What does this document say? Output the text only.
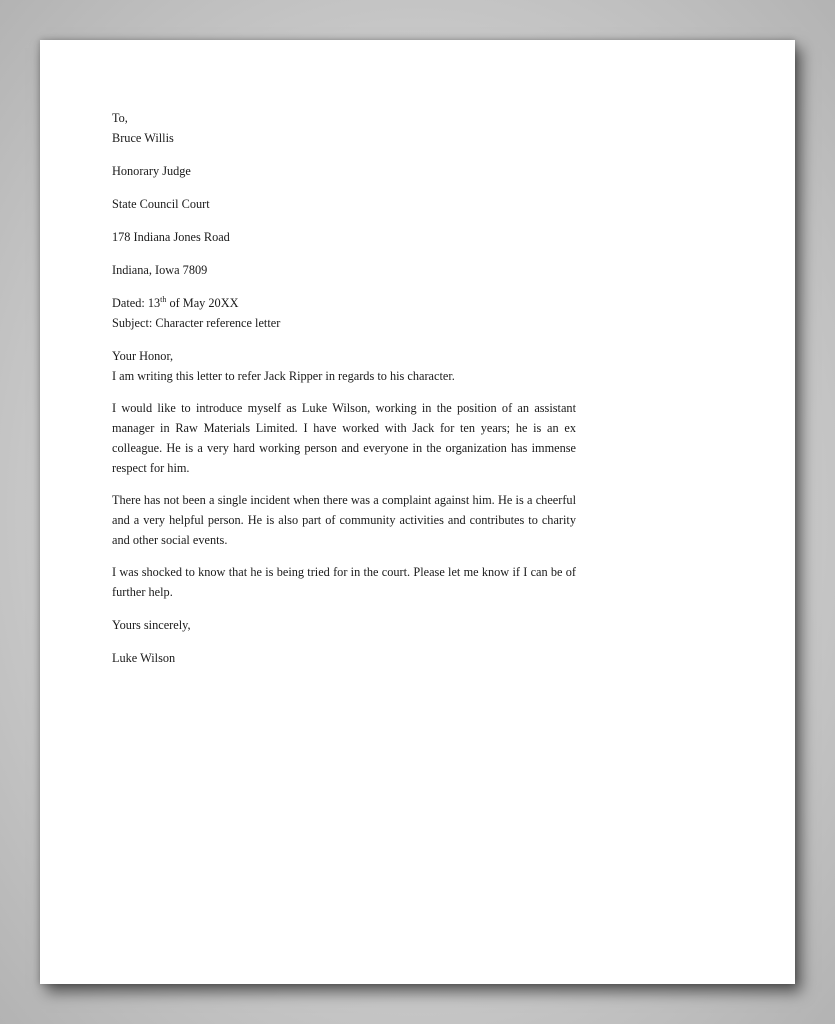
To,
Bruce Willis
Honorary Judge
State Council Court
178 Indiana Jones Road
Indiana, Iowa 7809
Dated: 13th of May 20XX
Subject: Character reference letter
Your Honor,

I am writing this letter to refer Jack Ripper in regards to his character.

I would like to introduce myself as Luke Wilson, working in the position of an assistant manager in Raw Materials Limited. I have worked with Jack for ten years; he is an ex colleague. He is a very hard working person and everyone in the organization has immense respect for him.

There has not been a single incident when there was a complaint against him. He is a cheerful and a very helpful person. He is also part of community activities and contributes to charity and other social events.

I was shocked to know that he is being tried for in the court. Please let me know if I can be of further help.

Yours sincerely,
Luke Wilson
